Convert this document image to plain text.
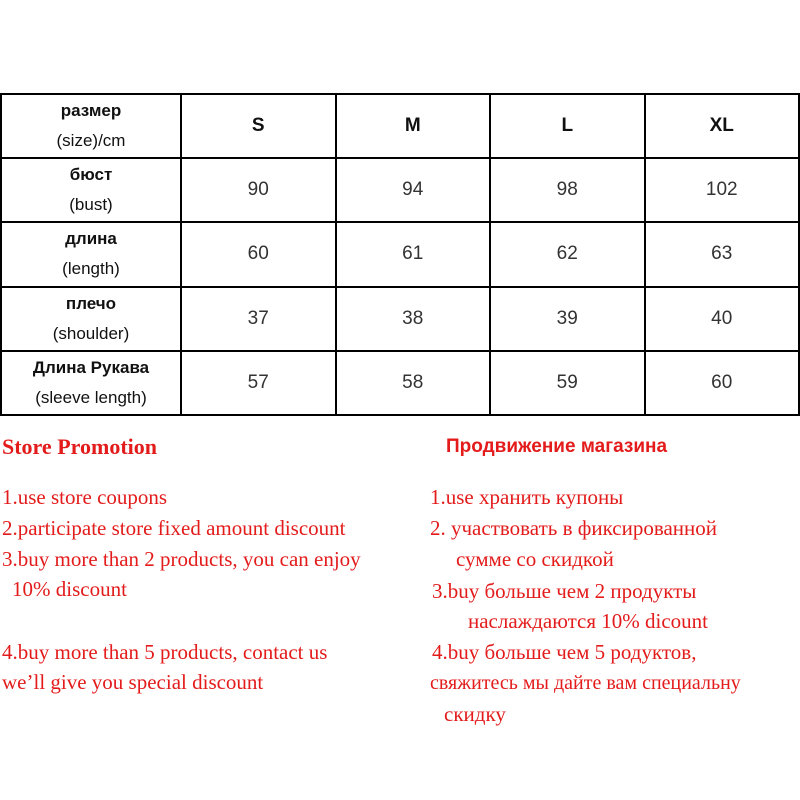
размер
(size)/cm	S	M	L	XL

бюст
(bust)	90	94	98	102

длина
(length)	60	61	62	63

плечо
(shoulder)	37	38	39	40

Длина Рукава
(sleeve length)	57	58	59	60
Store Promotion
1.use store coupons
2.participate store fixed amount discount
3.buy more than 2 products, you can enjoy
10% discount
4.buy more than 5 products, contact us
we’ll give you special discount
Продвижение магазина
1.use хранить купоны
2. участвовать в фиксированной
сумме со скидкой
3.buy больше чем 2 продукты
наслаждаются 10% dicount
4.buy больше чем 5 родуктов,
свяжитесь мы дайте вам специальну
скидку
